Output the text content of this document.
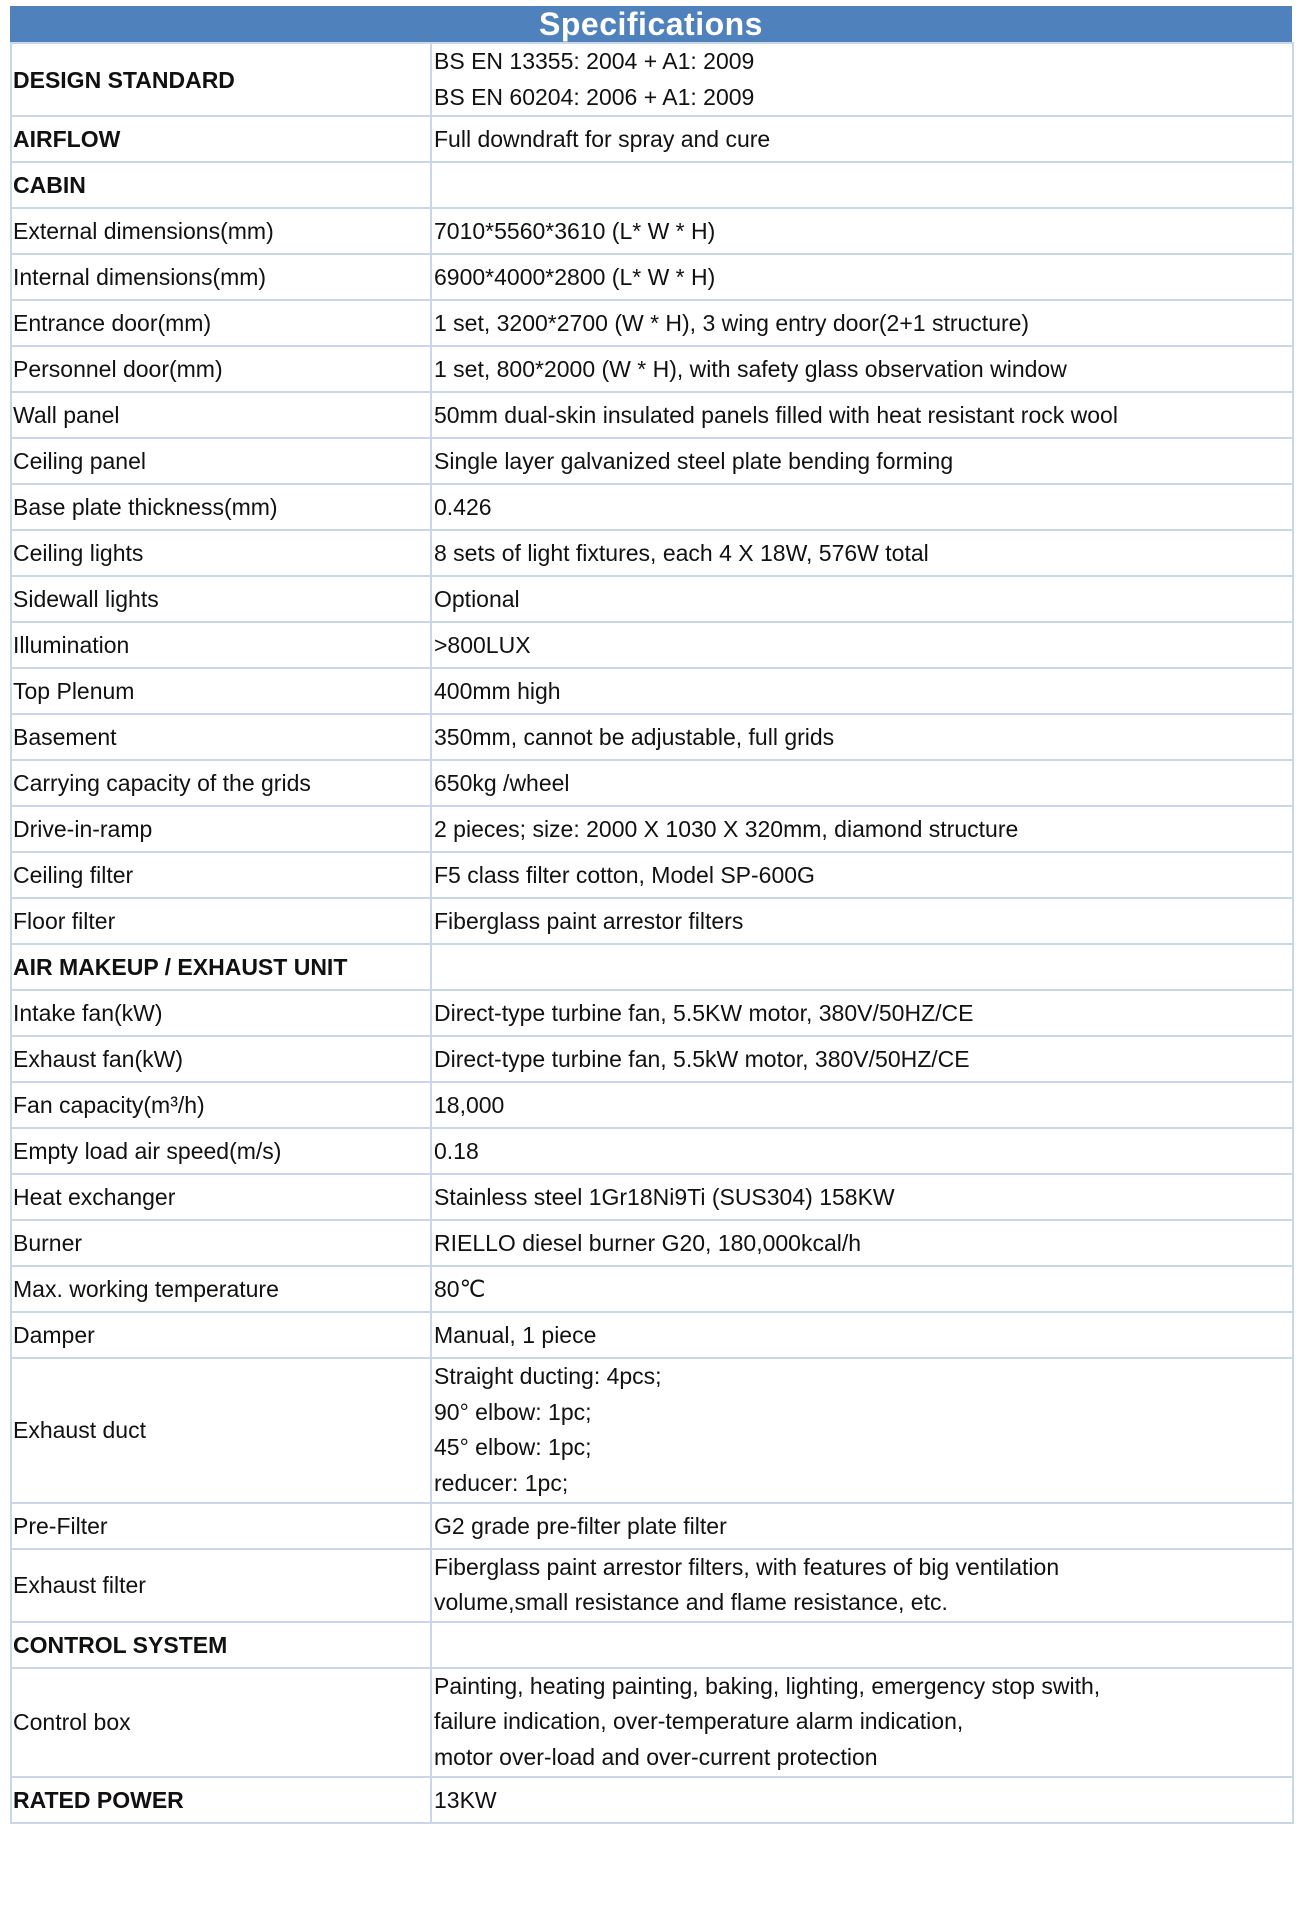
Specifications
DESIGN STANDARD	BS EN 13355: 2004 + A1: 2009
BS EN 60204: 2006 + A1: 2009

AIRFLOW	Full downdraft for spray and cure

CABIN	

External dimensions(mm)	7010*5560*3610 (L* W * H)

Internal dimensions(mm)	6900*4000*2800 (L* W * H)

Entrance door(mm)	1 set, 3200*2700 (W * H), 3 wing entry door(2+1 structure)

Personnel door(mm)	1 set, 800*2000 (W * H), with safety glass observation window

Wall panel	50mm dual-skin insulated panels filled with heat resistant rock wool

Ceiling panel	Single layer galvanized steel plate bending forming

Base plate thickness(mm)	0.426

Ceiling lights	8 sets of light fixtures, each 4 X 18W, 576W total

Sidewall lights	Optional

Illumination	>800LUX

Top Plenum	400mm high

Basement	350mm, cannot be adjustable, full grids

Carrying capacity of the grids	650kg /wheel

Drive-in-ramp	2 pieces; size: 2000 X 1030 X 320mm, diamond structure

Ceiling filter	F5 class filter cotton, Model SP-600G

Floor filter	Fiberglass paint arrestor filters

AIR MAKEUP / EXHAUST UNIT	

Intake fan(kW)	Direct-type turbine fan, 5.5KW motor, 380V/50HZ/CE

Exhaust fan(kW)	Direct-type turbine fan, 5.5kW motor, 380V/50HZ/CE

Fan capacity(m³/h)	18,000

Empty load air speed(m/s)	0.18

Heat exchanger	Stainless steel 1Gr18Ni9Ti (SUS304) 158KW

Burner	RIELLO diesel burner G20, 180,000kcal/h

Max. working temperature	80℃

Damper	Manual, 1 piece

Exhaust duct	Straight ducting: 4pcs;
90° elbow: 1pc;
45° elbow: 1pc;
reducer: 1pc;

Pre-Filter	G2 grade pre-filter plate filter

Exhaust filter	Fiberglass paint arrestor filters, with features of big ventilation
volume,small resistance and flame resistance, etc.

CONTROL SYSTEM	

Control box	Painting, heating painting, baking, lighting, emergency stop swith,
failure indication, over-temperature alarm indication,
motor over-load and over-current protection

RATED POWER	13KW
